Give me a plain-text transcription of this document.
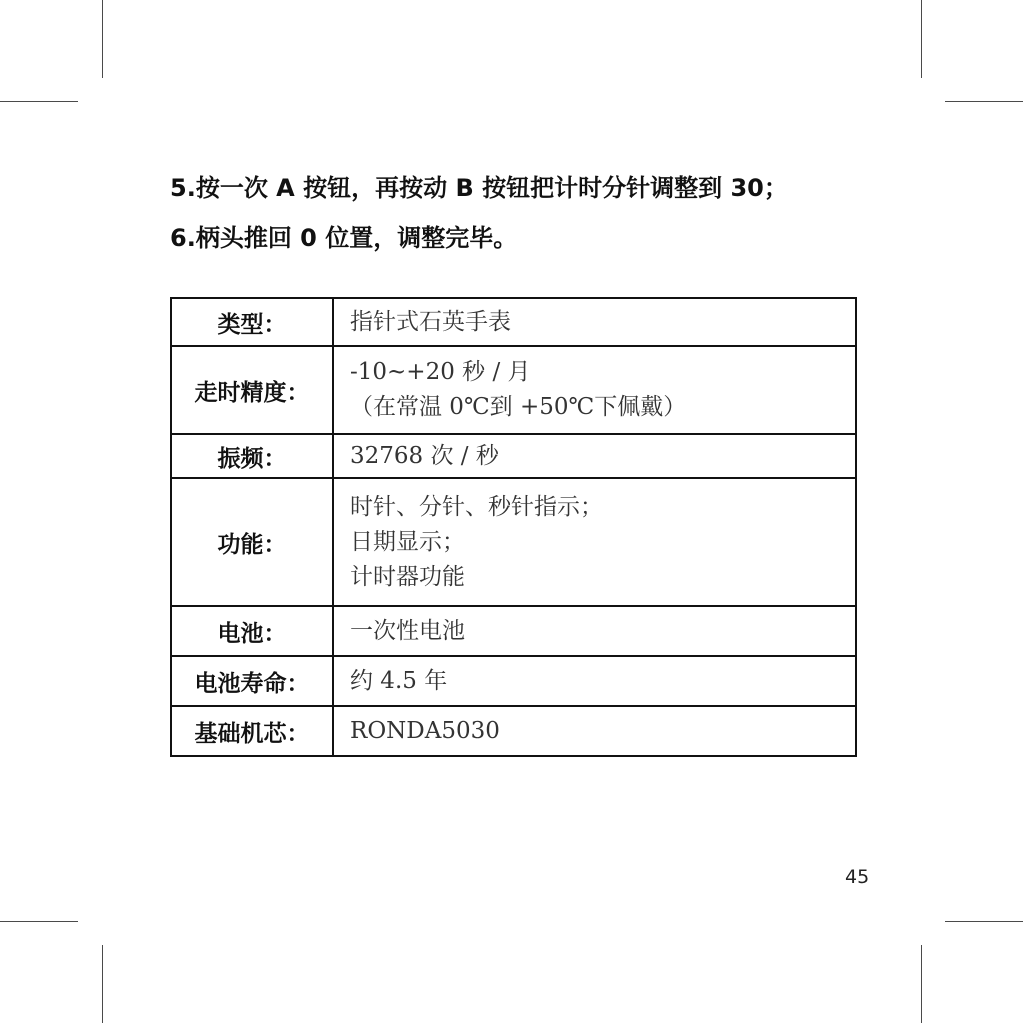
5.按一次 A 按钮，再按动 B 按钮把计时分针调整到 30；
6.柄头推回 0 位置，调整完毕。
类型：	指针式石英手表

走时精度：	-10~+20 秒 / 月
（在常温 0℃到 +50℃下佩戴）

振频：	32768 次 / 秒

功能：	时针、分针、秒针指示；
日期显示；
计时器功能

电池：	一次性电池

电池寿命：	约 4.5 年

基础机芯：	RONDA5030
45
